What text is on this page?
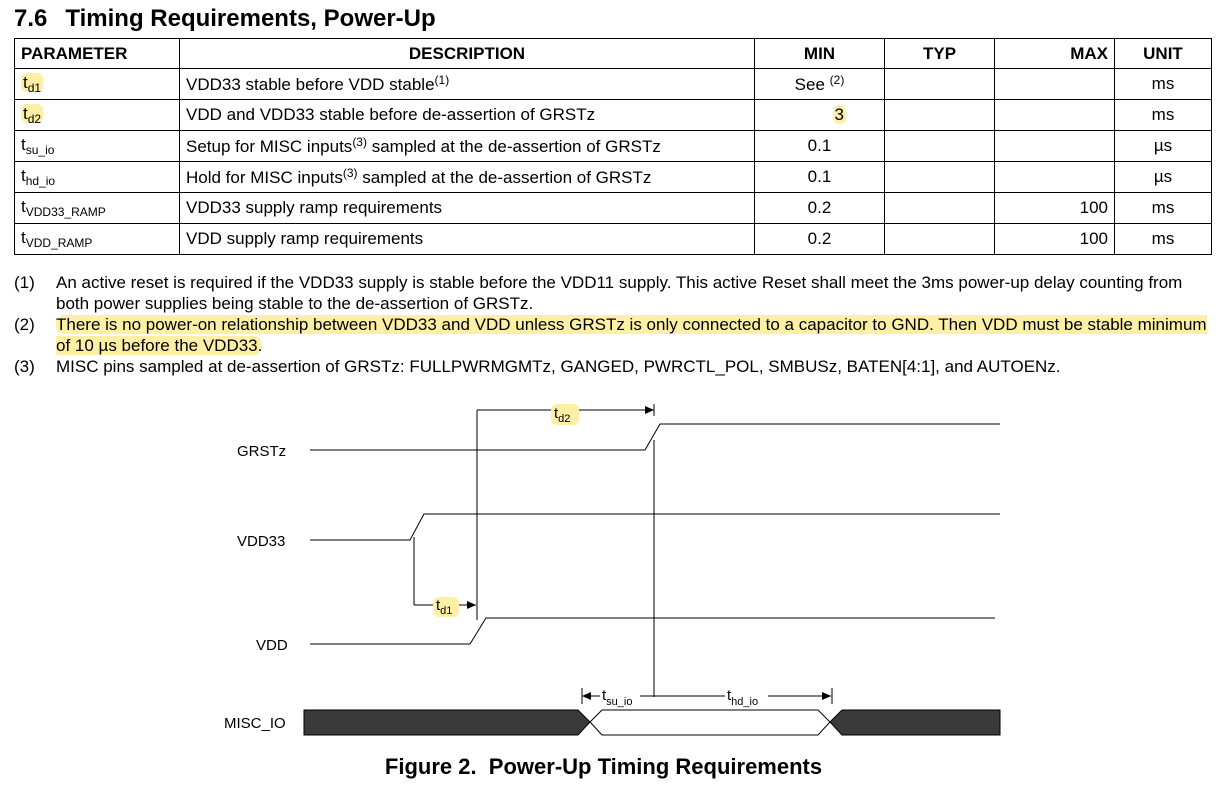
7.6 Timing Requirements, Power-Up
PARAMETER	DESCRIPTION	MIN	TYP	MAX	UNIT
$t_{d1}$	VDD33 stable before VDD stable$^{(1)}$	See $^{(2)}$			ms
$t_{d2}$	VDD and VDD33 stable before de-assertion of GRSTz	3			ms
$t_{su\_io}$	Setup for MISC inputs$^{(3)}$ sampled at the de-assertion of GRSTz	0.1			µs
$t_{hd\_io}$	Hold for MISC inputs$^{(3)}$ sampled at the de-assertion of GRSTz	0.1			µs
$t_{VDD33\_RAMP}$	VDD33 supply ramp requirements	0.2		100	ms
$t_{VDD\_RAMP}$	VDD supply ramp requirements	0.2		100	ms
(1)	An active reset is required if the VDD33 supply is stable before the VDD11 supply. This active Reset shall meet the 3ms power-up delay counting from both power supplies being stable to the de-assertion of GRSTz.
(2)	There is no power-on relationship between VDD33 and VDD unless GRSTz is only connected to a capacitor to GND. Then VDD must be stable minimum of 10 µs before the VDD33.
(3)	MISC pins sampled at de-assertion of GRSTz: FULLPWRMGMTz, GANGED, PWRCTL_POL, SMBUSz, BATEN[4:1], and AUTOENz.
GRSTz
VDD33
VDD
MISC_IO
$t_{d1}$
$t_{d2}$
$t_{su\_io}$	$t_{hd\_io}$
Figure 2.  Power-Up Timing Requirements
